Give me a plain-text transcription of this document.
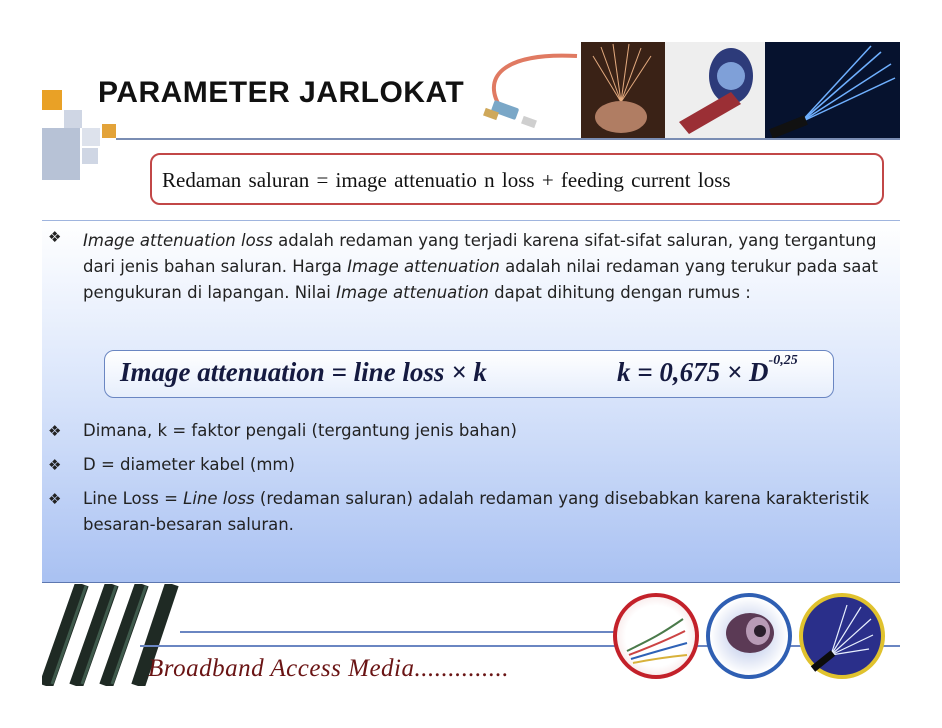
PARAMETER JARLOKAT
Redaman saluran = image attenuatio n loss + feeding current loss
❖ Image attenuation loss adalah redaman yang terjadi karena sifat-sifat saluran, yang tergantung dari jenis bahan saluran. Harga Image attenuation adalah nilai redaman yang terukur pada saat pengukuran di lapangan. Nilai Image attenuation dapat dihitung dengan rumus :
Image attenuation = line loss × k	$k = 0,675 \times D^{-0,25}$
❖ Dimana, k = faktor pengali (tergantung jenis bahan)
❖ D = diameter kabel (mm)
❖ Line Loss = Line loss (redaman saluran) adalah redaman yang disebabkan karena karakteristik besaran-besaran saluran.
Broadband Access Media..............
